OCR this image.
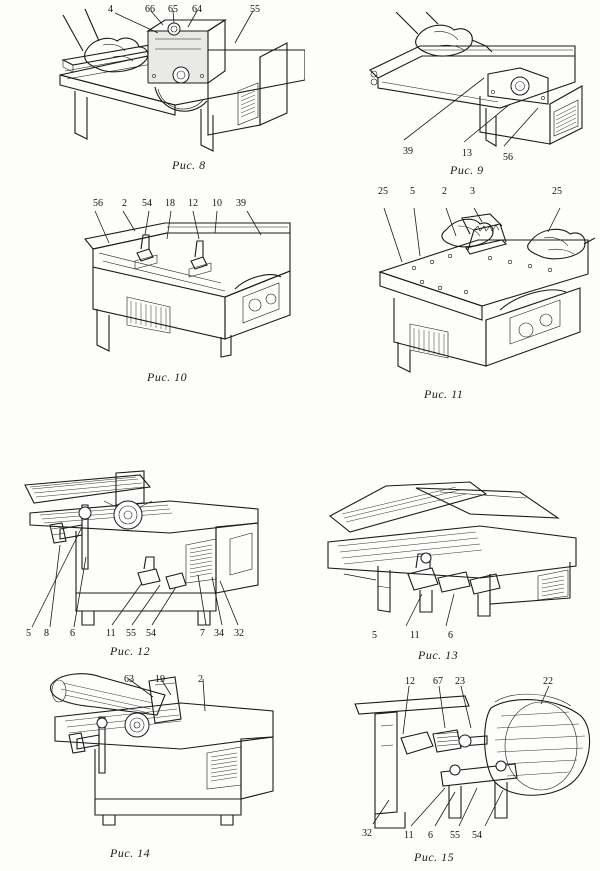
4	66 65 64	55
Рис. 8
39	13	56
Рис. 9
56 2 54 18 12 10 39
Рис. 10
25 5	2 3	25
Рис. 11
5 8 6	11 55 54	7 34 32
Рис. 12
5	11	6
Рис. 13
63 19	2
Рис. 14
12 67 23	22
32	11 6 55 54
Рис. 15
